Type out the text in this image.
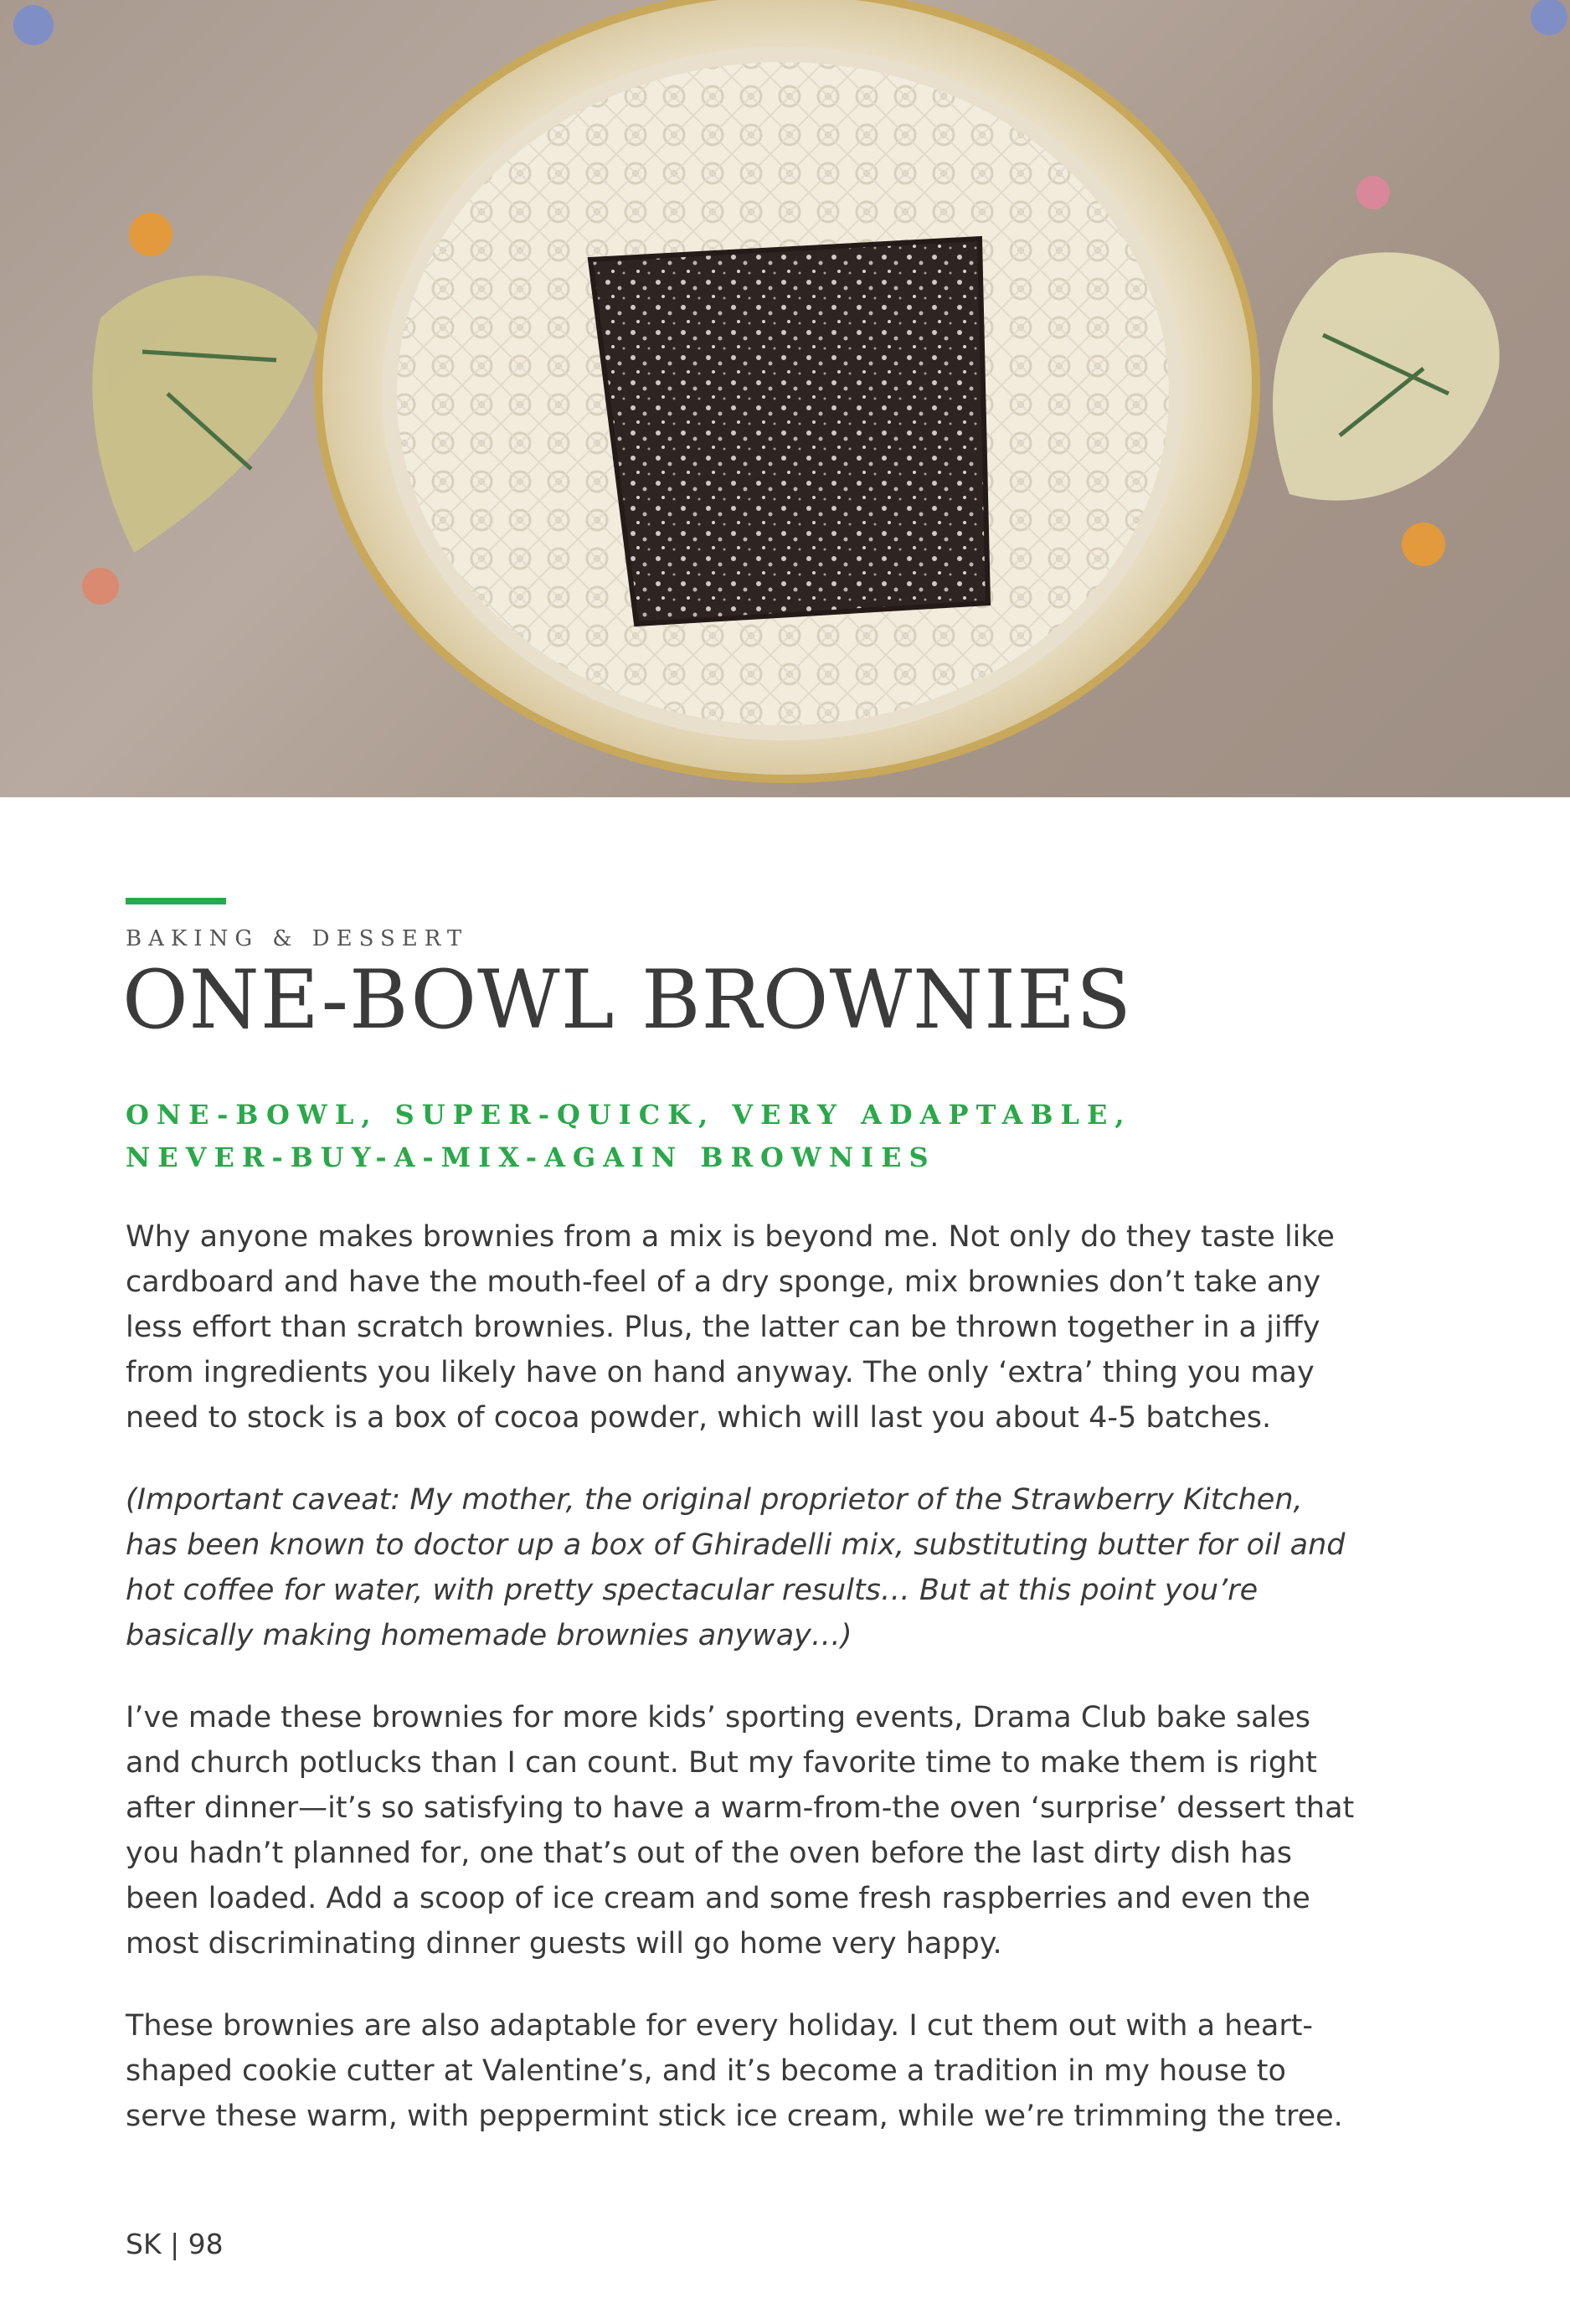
BAKING & DESSERT

ONE-BOWL BROWNIES
ONE-BOWL, SUPER-QUICK, VERY ADAPTABLE,
NEVER-BUY-A-MIX-AGAIN BROWNIES

Why anyone makes brownies from a mix is beyond me. Not only do they taste like cardboard and have the mouth-feel of a dry sponge, mix brownies don’t take any less effort than scratch brownies. Plus, the latter can be thrown together in a jiffy from ingredients you likely have on hand anyway. The only ‘extra’ thing you may need to stock is a box of cocoa powder, which will last you about 4-5 batches.

(Important caveat: My mother, the original proprietor of the Strawberry Kitchen, has been known to doctor up a box of Ghiradelli mix, substituting butter for oil and hot coffee for water, with pretty spectacular results… But at this point you’re basically making homemade brownies anyway…)

I’ve made these brownies for more kids’ sporting events, Drama Club bake sales and church potlucks than I can count. But my favorite time to make them is right after dinner—it’s so satisfying to have a warm-from-the oven ‘surprise’ dessert that you hadn’t planned for, one that’s out of the oven before the last dirty dish has been loaded. Add a scoop of ice cream and some fresh raspberries and even the most discriminating dinner guests will go home very happy.

These brownies are also adaptable for every holiday. I cut them out with a heart-shaped cookie cutter at Valentine’s, and it’s become a tradition in my house to serve these warm, with peppermint stick ice cream, while we’re trimming the tree.

SK | 98
